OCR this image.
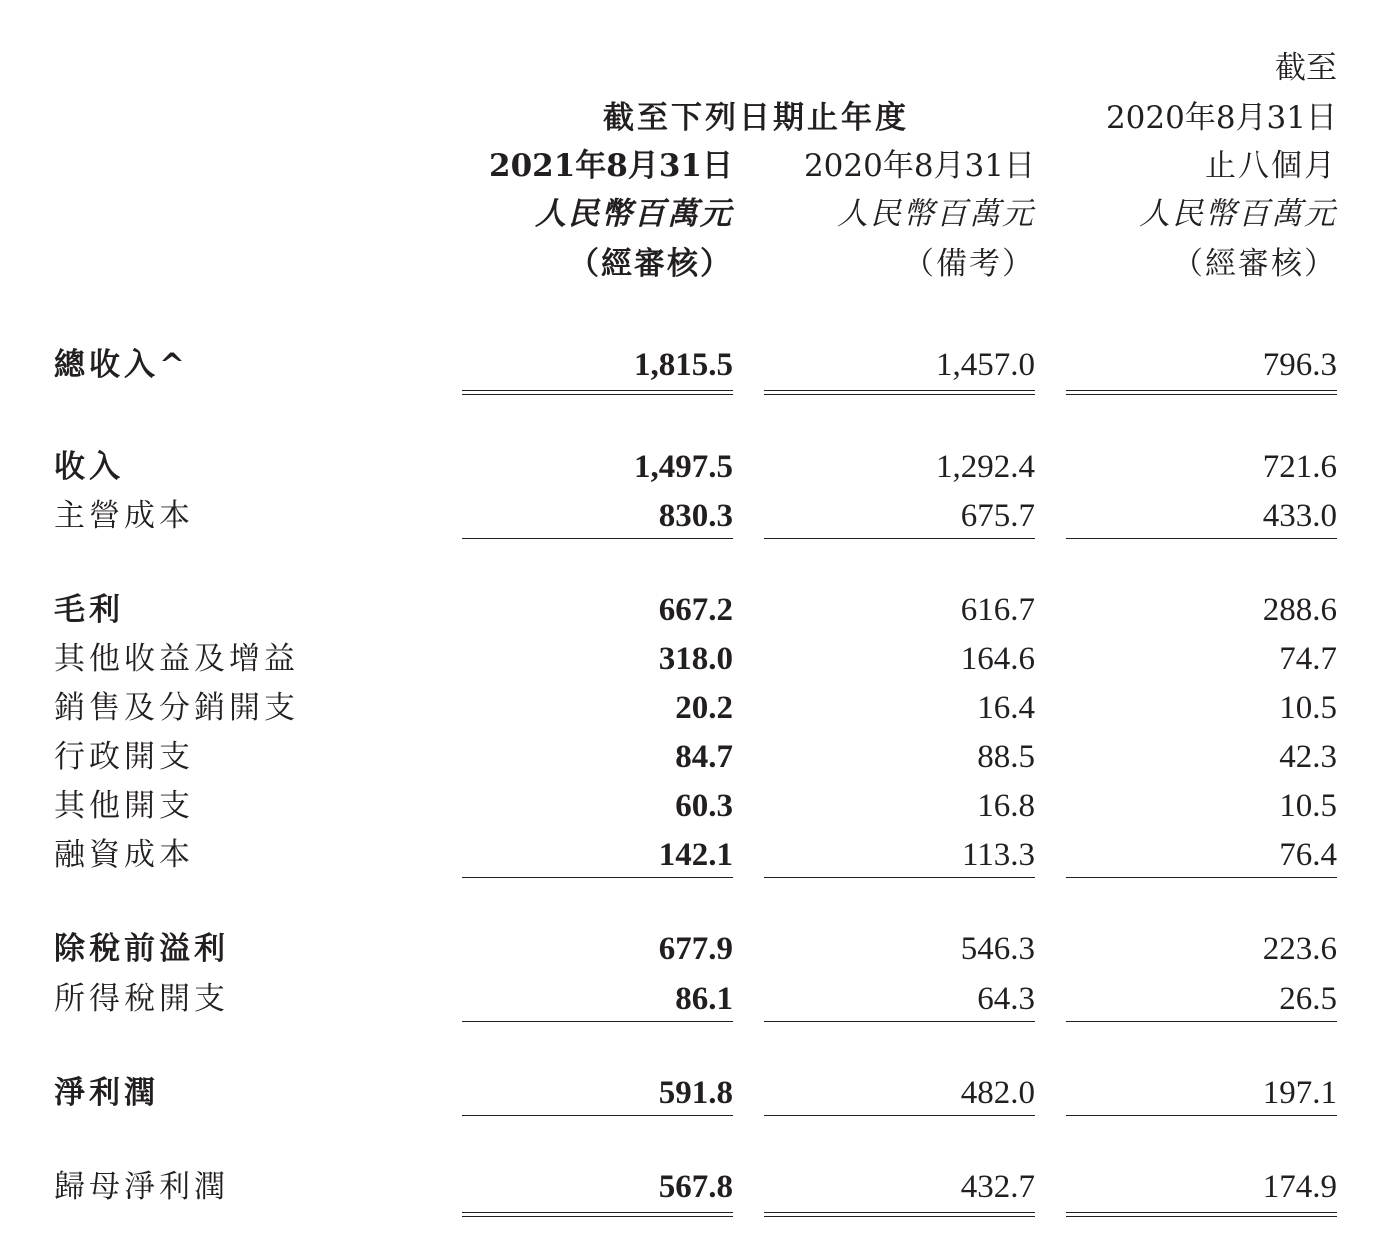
截至
截至下列日期止年度	2020年8月31日
2021年8月31日	2020年8月31日	止八個月
人民幣百萬元	人民幣百萬元	人民幣百萬元
（經審核）	（備考）	（經審核）
總收入^	1,815.5	1,457.0	796.3
收入	1,497.5	1,292.4	721.6
主營成本	830.3	675.7	433.0
毛利	667.2	616.7	288.6
其他收益及增益	318.0	164.6	74.7
銷售及分銷開支	20.2	16.4	10.5
行政開支	84.7	88.5	42.3
其他開支	60.3	16.8	10.5
融資成本	142.1	113.3	76.4
除稅前溢利	677.9	546.3	223.6
所得稅開支	86.1	64.3	26.5
淨利潤	591.8	482.0	197.1
歸母淨利潤	567.8	432.7	174.9
